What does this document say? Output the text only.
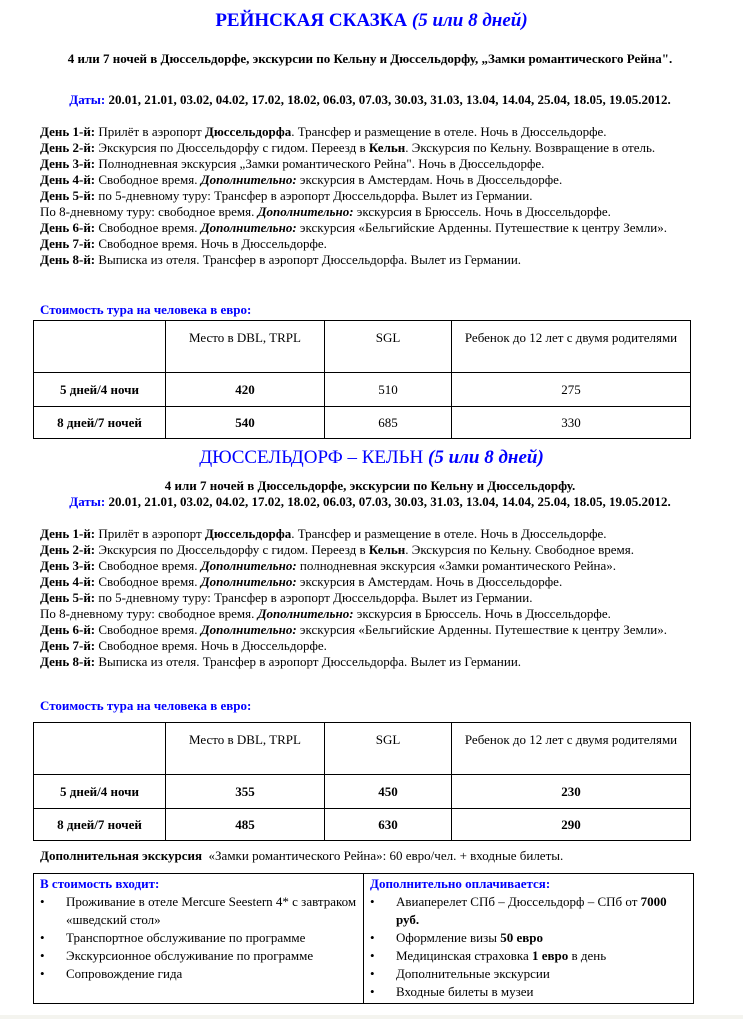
РЕЙНСКАЯ СКАЗКА (5 или 8 дней)
4 или 7 ночей в Дюссельдорфе, экскурсии по Кельну и Дюссельдорфу, „Замки романтического Рейна".
Даты: 20.01, 21.01, 03.02, 04.02, 17.02, 18.02, 06.03, 07.03, 30.03, 31.03, 13.04, 14.04, 25.04, 18.05, 19.05.2012.
День 1-й: Прилёт в аэропорт Дюссельдорфа. Трансфер и размещение в отеле. Ночь в Дюссельдорфе.
День 2-й: Экскурсия по Дюссельдорфу с гидом. Переезд в Кельн. Экскурсия по Кельну. Возвращение в отель.
День 3-й: Полнодневная экскурсия „Замки романтического Рейна". Ночь в Дюссельдорфе.
День 4-й: Свободное время. Дополнительно: экскурсия в Амстердам. Ночь в Дюссельдорфе.
День 5-й: по 5-дневному туру: Трансфер в аэропорт Дюссельдорфа. Вылет из Германии.
По 8-дневному туру: свободное время. Дополнительно: экскурсия в Брюссель. Ночь в Дюссельдорфе.
День 6-й: Свободное время. Дополнительно: экскурсия «Бельгийские Арденны. Путешествие к центру Земли».
День 7-й: Свободное время. Ночь в Дюссельдорфе.
День 8-й: Выписка из отеля. Трансфер в аэропорт Дюссельдорфа. Вылет из Германии.
Стоимость тура на человека в евро:
	Место в DBL, TRPL	SGL	Ребенок до 12 лет с двумя родителями
5 дней/4 ночи	420	510	275
8 дней/7 ночей	540	685	330
ДЮССЕЛЬДОРФ – КЕЛЬН (5 или 8 дней)
4 или 7 ночей в Дюссельдорфе, экскурсии по Кельну и Дюссельдорфу.
Даты: 20.01, 21.01, 03.02, 04.02, 17.02, 18.02, 06.03, 07.03, 30.03, 31.03, 13.04, 14.04, 25.04, 18.05, 19.05.2012.
День 1-й: Прилёт в аэропорт Дюссельдорфа. Трансфер и размещение в отеле. Ночь в Дюссельдорфе.
День 2-й: Экскурсия по Дюссельдорфу с гидом. Переезд в Кельн. Экскурсия по Кельну. Свободное время.
День 3-й: Свободное время. Дополнительно: полнодневная экскурсия «Замки романтического Рейна».
День 4-й: Свободное время. Дополнительно: экскурсия в Амстердам. Ночь в Дюссельдорфе.
День 5-й: по 5-дневному туру: Трансфер в аэропорт Дюссельдорфа. Вылет из Германии.
По 8-дневному туру: свободное время. Дополнительно: экскурсия в Брюссель. Ночь в Дюссельдорфе.
День 6-й: Свободное время. Дополнительно: экскурсия «Бельгийские Арденны. Путешествие к центру Земли».
День 7-й: Свободное время. Ночь в Дюссельдорфе.
День 8-й: Выписка из отеля. Трансфер в аэропорт Дюссельдорфа. Вылет из Германии.
Стоимость тура на человека в евро:
	Место в DBL, TRPL	SGL	Ребенок до 12 лет с двумя родителями
5 дней/4 ночи	355	450	230
8 дней/7 ночей	485	630	290
Дополнительная экскурсия  «Замки романтического Рейна»: 60 евро/чел. + входные билеты.
В стоимость входит:
• Проживание в отеле Mercure Seestern 4* с завтраком «шведский стол»
• Транспортное обслуживание по программе
• Экскурсионное обслуживание по программе
• Сопровождение гида

Дополнительно оплачивается:
• Авиаперелет СПб – Дюссельдорф – СПб от 7000 руб.
• Оформление визы 50 евро
• Медицинская страховка 1 евро в день
• Дополнительные экскурсии
• Входные билеты в музеи
